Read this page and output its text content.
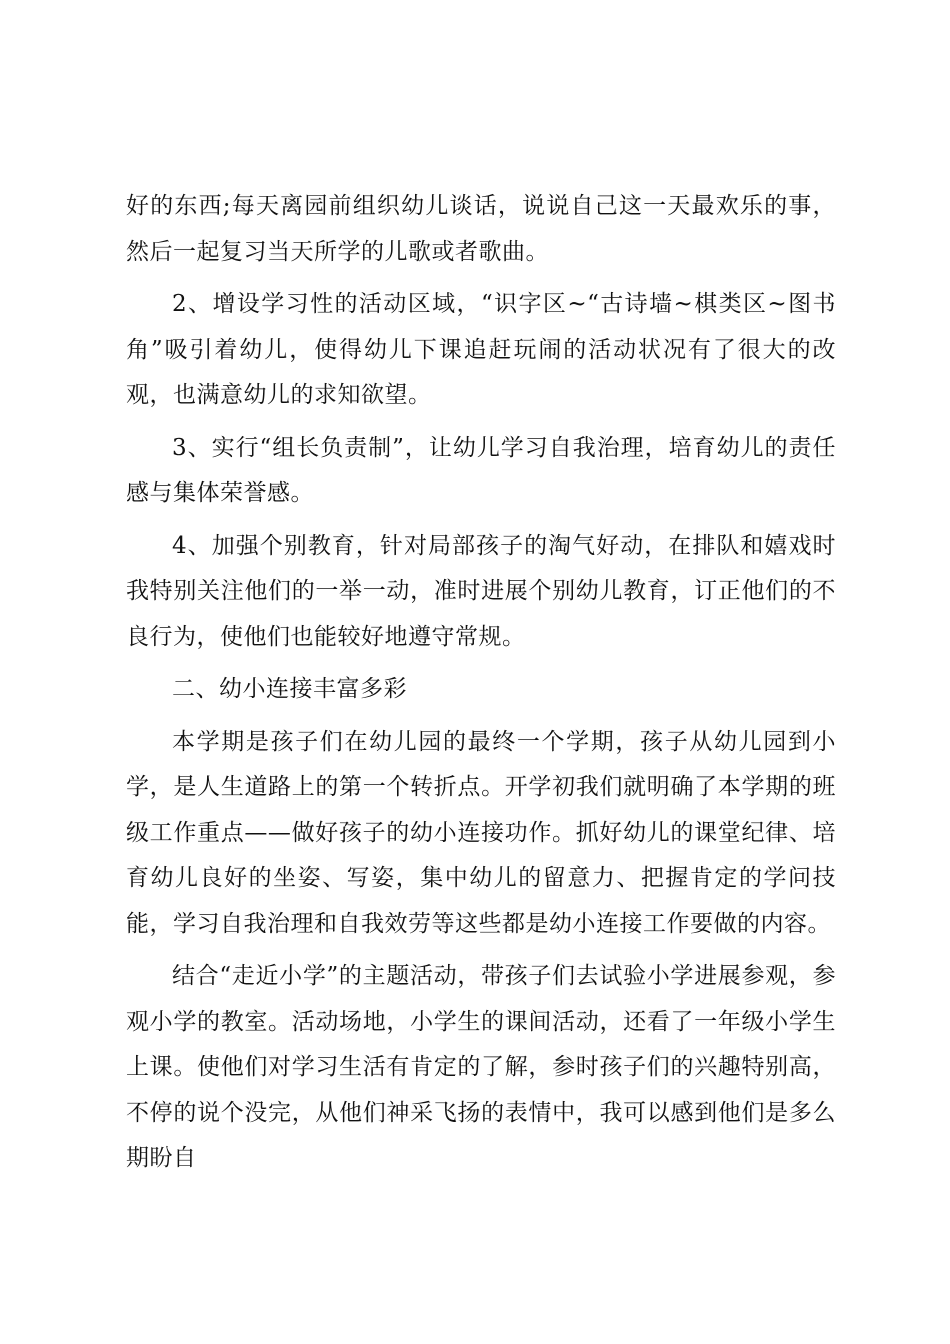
好的东西;每天离园前组织幼儿谈话，说说自己这一天最欢乐的事，然后一起复习当天所学的儿歌或者歌曲。

2、增设学习性的活动区域，“识字区~“古诗墙~棋类区~图书角”吸引着幼儿，使得幼儿下课追赶玩闹的活动状况有了很大的改观，也满意幼儿的求知欲望。

3、实行“组长负责制”，让幼儿学习自我治理，培育幼儿的责任感与集体荣誉感。

4、加强个别教育，针对局部孩子的淘气好动，在排队和嬉戏时我特别关注他们的一举一动，准时进展个别幼儿教育，订正他们的不良行为，使他们也能较好地遵守常规。

二、幼小连接丰富多彩

本学期是孩子们在幼儿园的最终一个学期，孩子从幼儿园到小学，是人生道路上的第一个转折点。开学初我们就明确了本学期的班级工作重点——做好孩子的幼小连接功作。抓好幼儿的课堂纪律、培育幼儿良好的坐姿、写姿，集中幼儿的留意力、把握肯定的学问技能，学习自我治理和自我效劳等这些都是幼小连接工作要做的内容。

结合“走近小学”的主题活动，带孩子们去试验小学进展参观，参观小学的教室。活动场地，小学生的课间活动，还看了一年级小学生上课。使他们对学习生活有肯定的了解，参时孩子们的兴趣特别高，不停的说个没完，从他们神采飞扬的表情中，我可以感到他们是多么期盼自
